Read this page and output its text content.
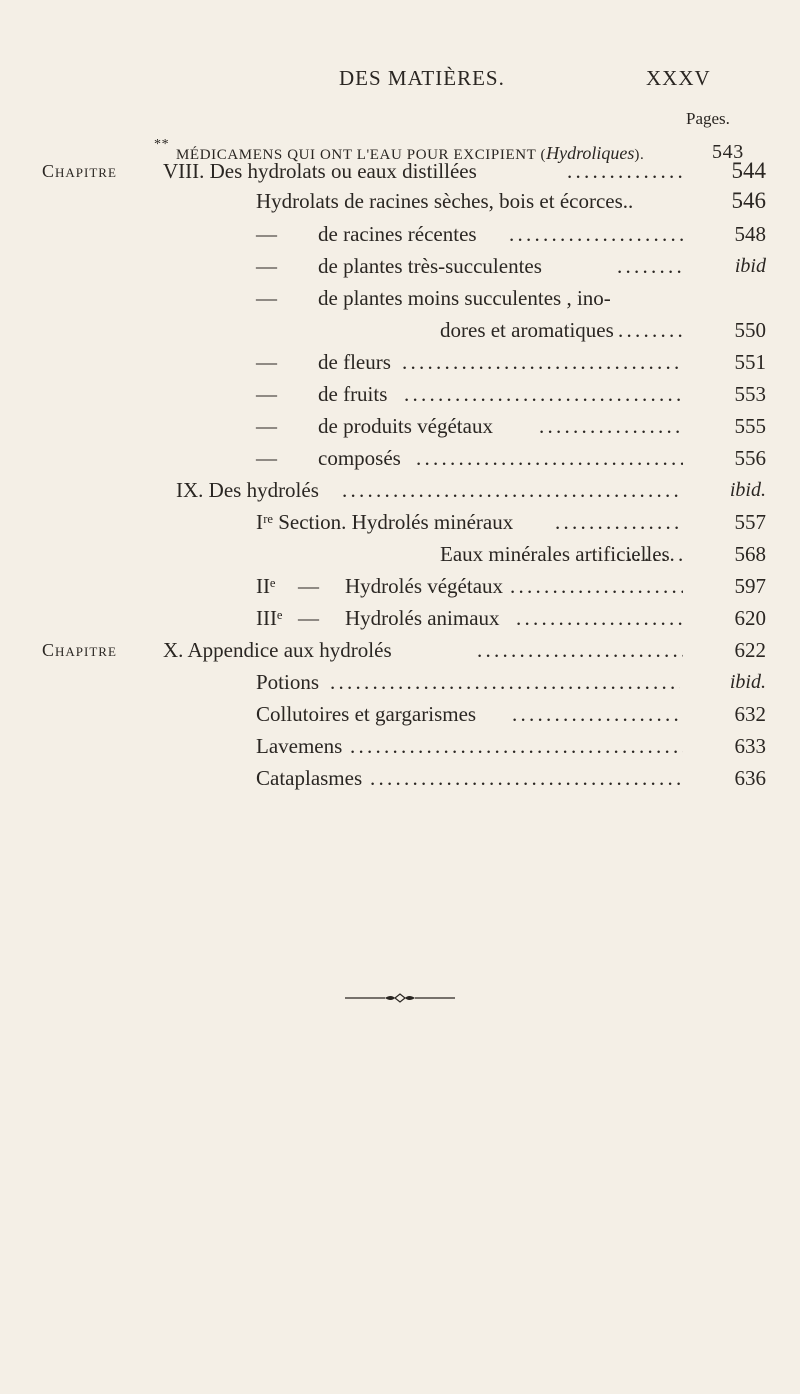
DES MATIÈRES.	XXXV
Pages.
**
MÉDICAMENS QUI ONT L'EAU POUR EXCIPIENT (Hydroliques).	543
Chapitre VIII. Des hydrolats ou eaux distillées . . .	544
Hydrolats de racines sèches, bois et écorces..	546
— de racines récentes . . .	548
— de plantes très-succulentes . . .	ibid
— de plantes moins succulentes , ino-
dores et aromatiques . . .	550
— de fleurs . . .	551
— de fruits . . .	553
— de produits végétaux . . .	555
— composés . . .	556
IX. Des hydrolés . . .	ibid.
Iʳᵉ Section. Hydrolés minéraux . . .	557
Eaux minérales artificielles . . .	568
IIᵉ — Hydrolés végétaux . . .	597
IIIᵉ — Hydrolés animaux . . .	620
Chapitre X. Appendice aux hydrolés . . .	622
Potions . . .	ibid.
Collutoires et gargarismes . . .	632
Lavemens . . .	633
Cataplasmes . . .	636
